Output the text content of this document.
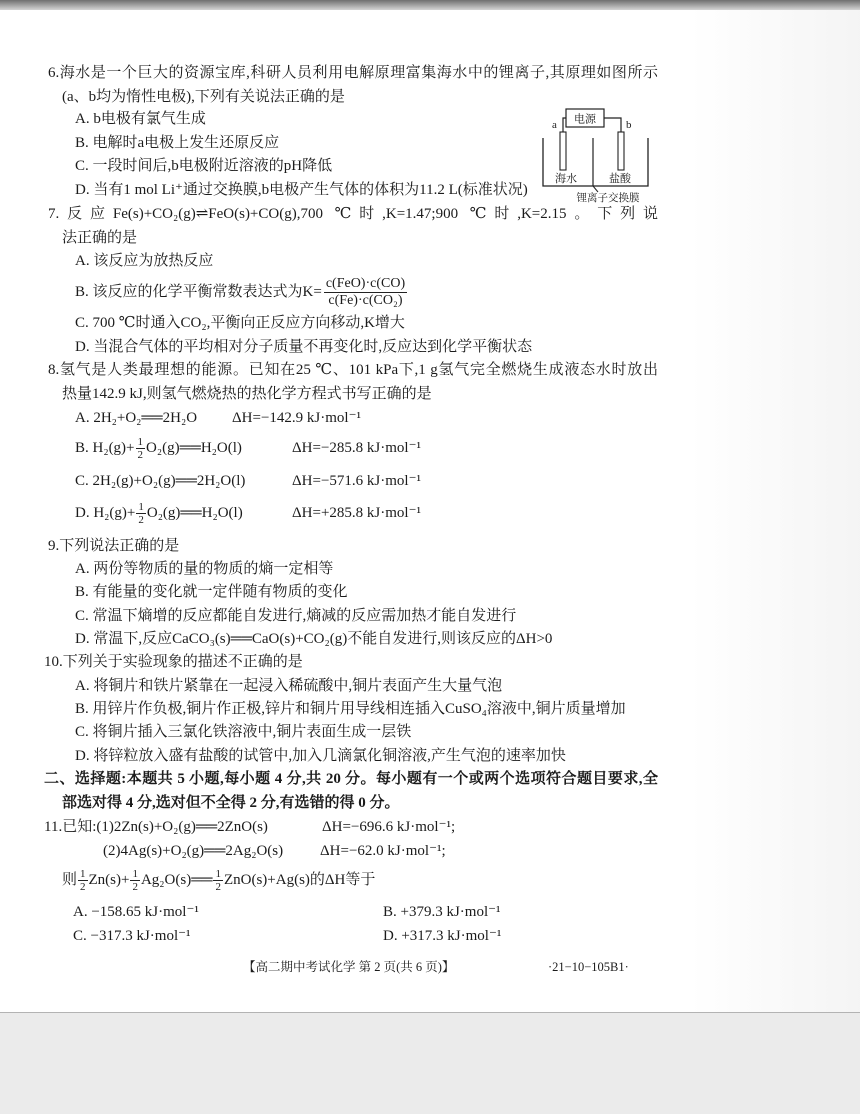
6.海水是一个巨大的资源宝库,科研人员利用电解原理富集海水中的锂离子,其原理如图所示
(a、b均为惰性电极),下列有关说法正确的是
A. b电极有氯气生成
B. 电解时a电极上发生还原反应
C. 一段时间后,b电极附近溶液的pH降低
D. 当有1 mol Li⁺通过交换膜,b电极产生气体的体积为11.2 L(标准状况)
电源
a	b
海水	盐酸
锂离子交换膜
7.反应Fe(s)+CO₂(g)⇌FeO(s)+CO(g),700 ℃时,K=1.47;900 ℃时,K=2.15。下列说
法正确的是
A. 该反应为放热反应
B. 该反应的化学平衡常数表达式为$K= \frac{\text{c(FeO)·c(CO)}}{\text{c(Fe)·c(CO₂)}}$
C. 700 ℃时通入CO₂,平衡向正反应方向移动,K增大
D. 当混合气体的平均相对分子质量不再变化时,反应达到化学平衡状态
8.氢气是人类最理想的能源。已知在25 ℃、101 kPa下,1 g氢气完全燃烧生成液态水时放出
热量142.9 kJ,则氢气燃烧热的热化学方程式书写正确的是
A. 2H₂+O₂══2H₂O ΔH=−142.9 kJ·mol⁻¹
B. $H_2(g)+ \frac{1}{2}$ O₂(g)══H₂O(l)	ΔH=−285.8 kJ·mol⁻¹
C. 2H₂(g)+O₂(g)══2H₂O(l)	ΔH=−571.6 kJ·mol⁻¹
D. $H_2(g)+ \frac{1}{2}$ O₂(g)══H₂O(l)	ΔH=+285.8 kJ·mol⁻¹
9.下列说法正确的是
A. 两份等物质的量的物质的熵一定相等
B. 有能量的变化就一定伴随有物质的变化
C. 常温下熵增的反应都能自发进行,熵减的反应需加热才能自发进行
D. 常温下,反应CaCO₃(s)══CaO(s)+CO₂(g)不能自发进行,则该反应的ΔH>0
10.下列关于实验现象的描述不正确的是
A. 将铜片和铁片紧靠在一起浸入稀硫酸中,铜片表面产生大量气泡
B. 用锌片作负极,铜片作正极,锌片和铜片用导线相连插入CuSO₄溶液中,铜片质量增加
C. 将铜片插入三氯化铁溶液中,铜片表面生成一层铁
D. 将锌粒放入盛有盐酸的试管中,加入几滴氯化铜溶液,产生气泡的速率加快
二、选择题:本题共 5 小题,每小题 4 分,共 20 分。每小题有一个或两个选项符合题目要求,全
部选对得 4 分,选对但不全得 2 分,有选错的得 0 分。
11.已知:(1)2Zn(s)+O₂(g)══2ZnO(s)	ΔH=−696.6 kJ·mol⁻¹;
(2)4Ag(s)+O₂(g)══2Ag₂O(s) ΔH=−62.0 kJ·mol⁻¹;
则 $\frac{1}{2} Zn(s)+ \frac{1}{2}$ Ag₂O(s)══ $\frac{1}{2} ZnO(s)+Ag(s)$的ΔH等于
A. −158.65 kJ·mol⁻¹	B. +379.3 kJ·mol⁻¹
C. −317.3 kJ·mol⁻¹	D. +317.3 kJ·mol⁻¹
【高二期中考试化学 第 2 页(共 6 页)】	·21−10−105B1·
